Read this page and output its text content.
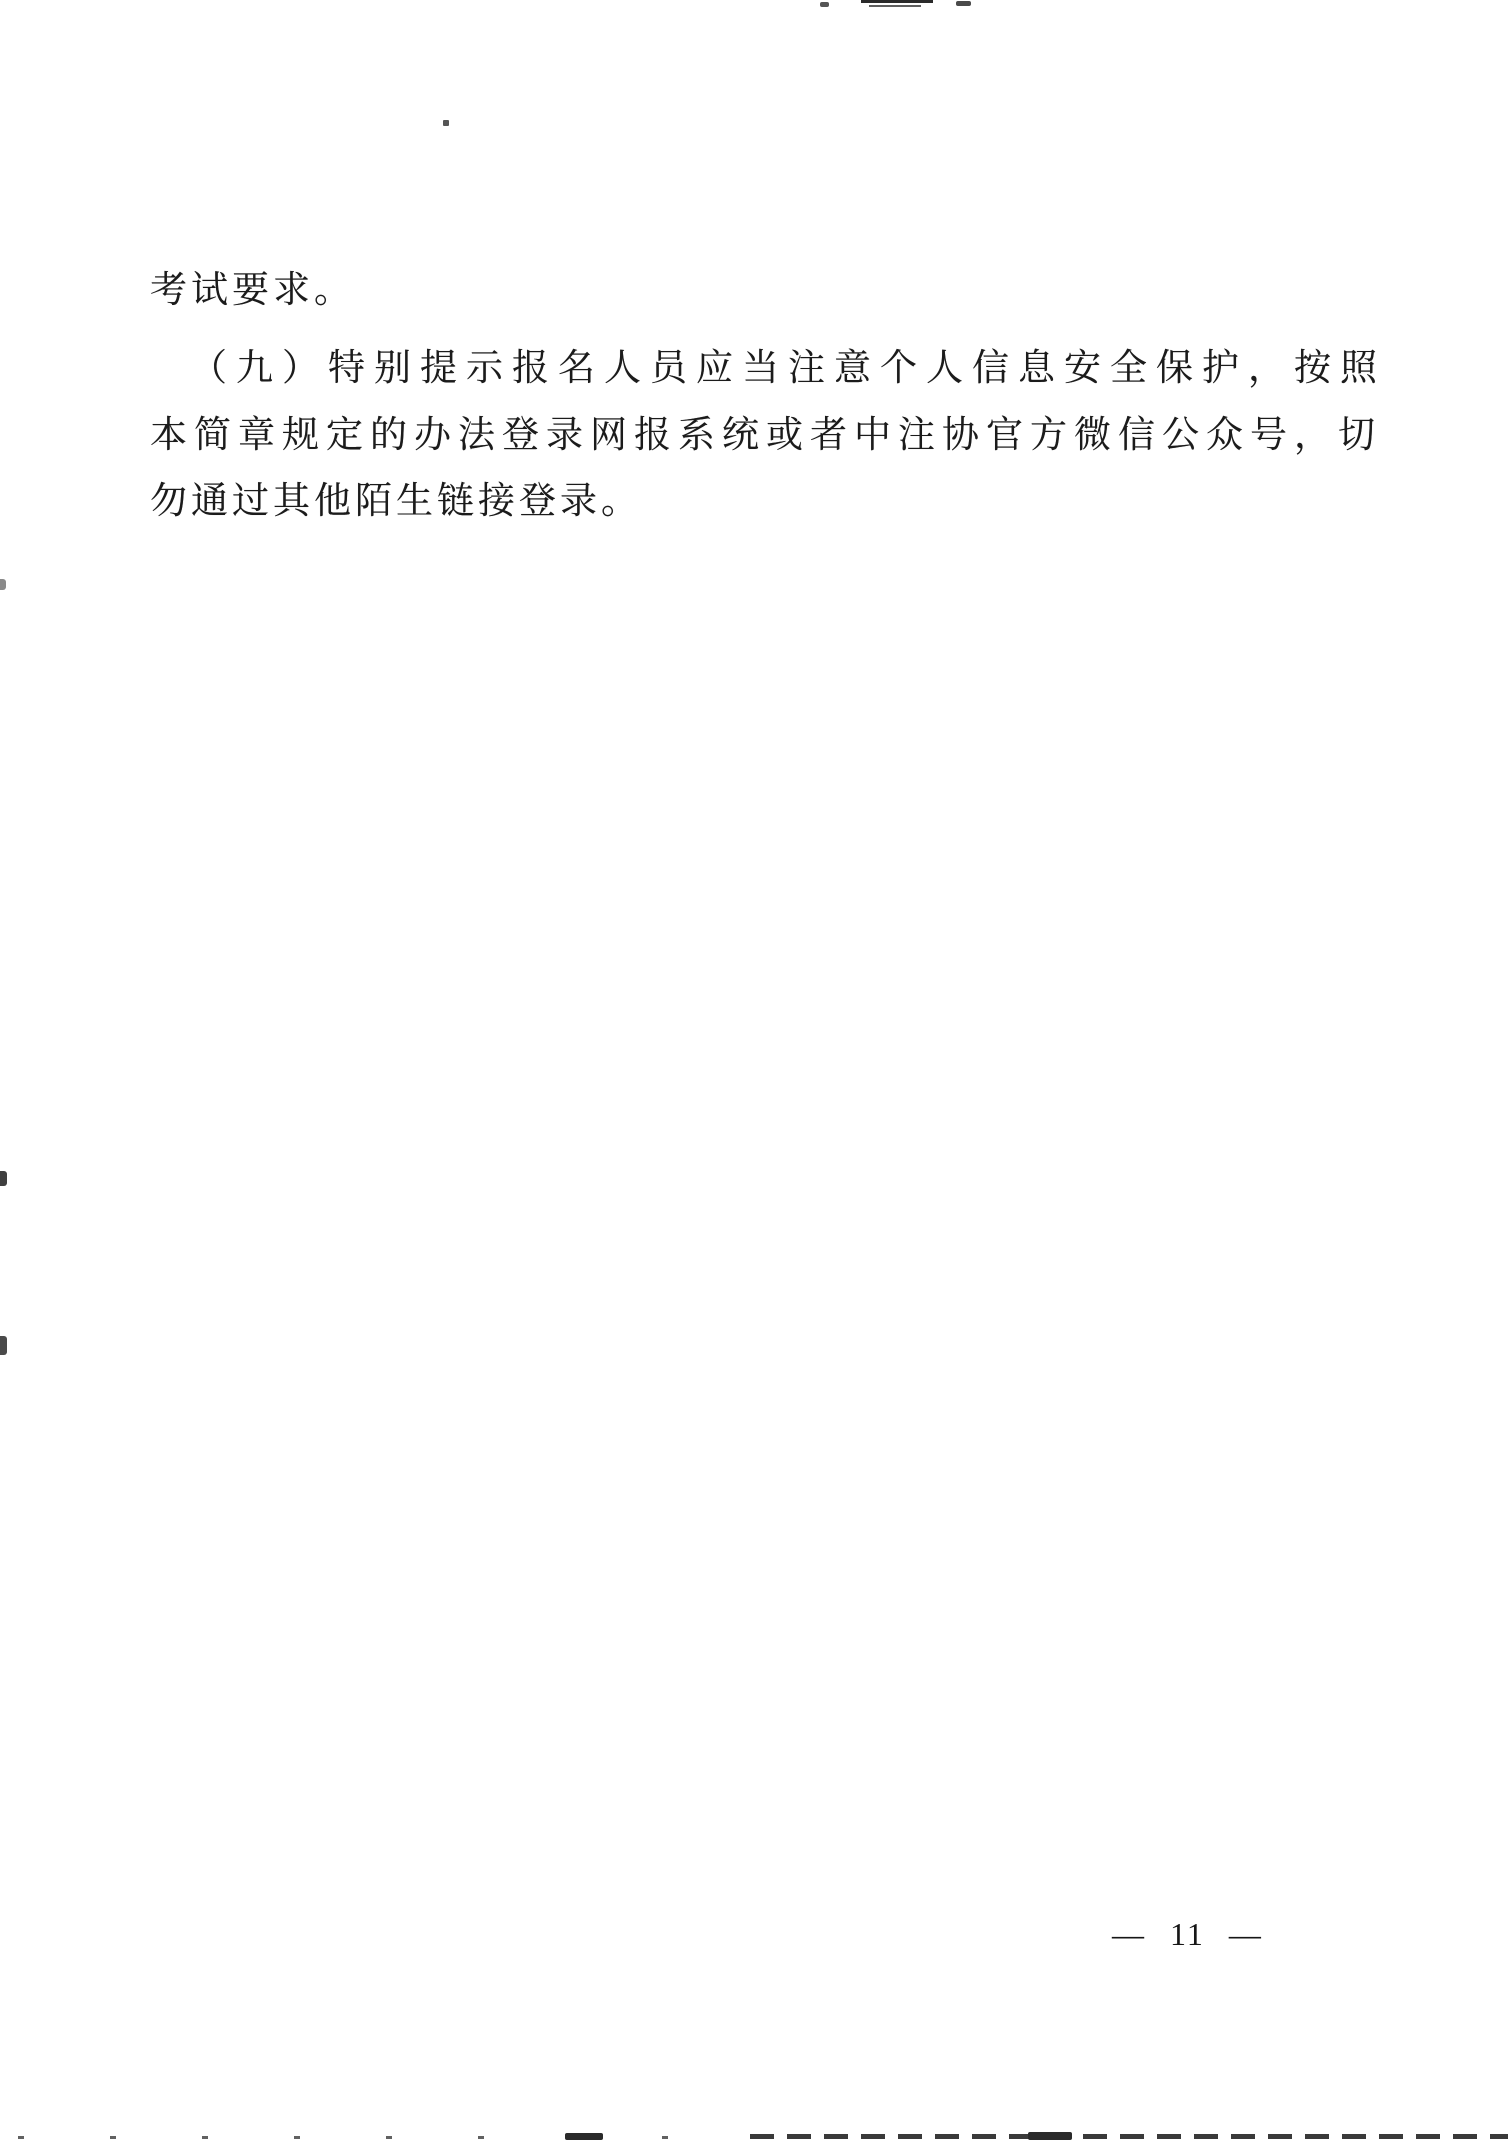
考试要求。
（九）特别提示报名人员应当注意个人信息安全保护，按照
本简章规定的办法登录网报系统或者中注协官方微信公众号，切
勿通过其他陌生链接登录。
— 11 —
